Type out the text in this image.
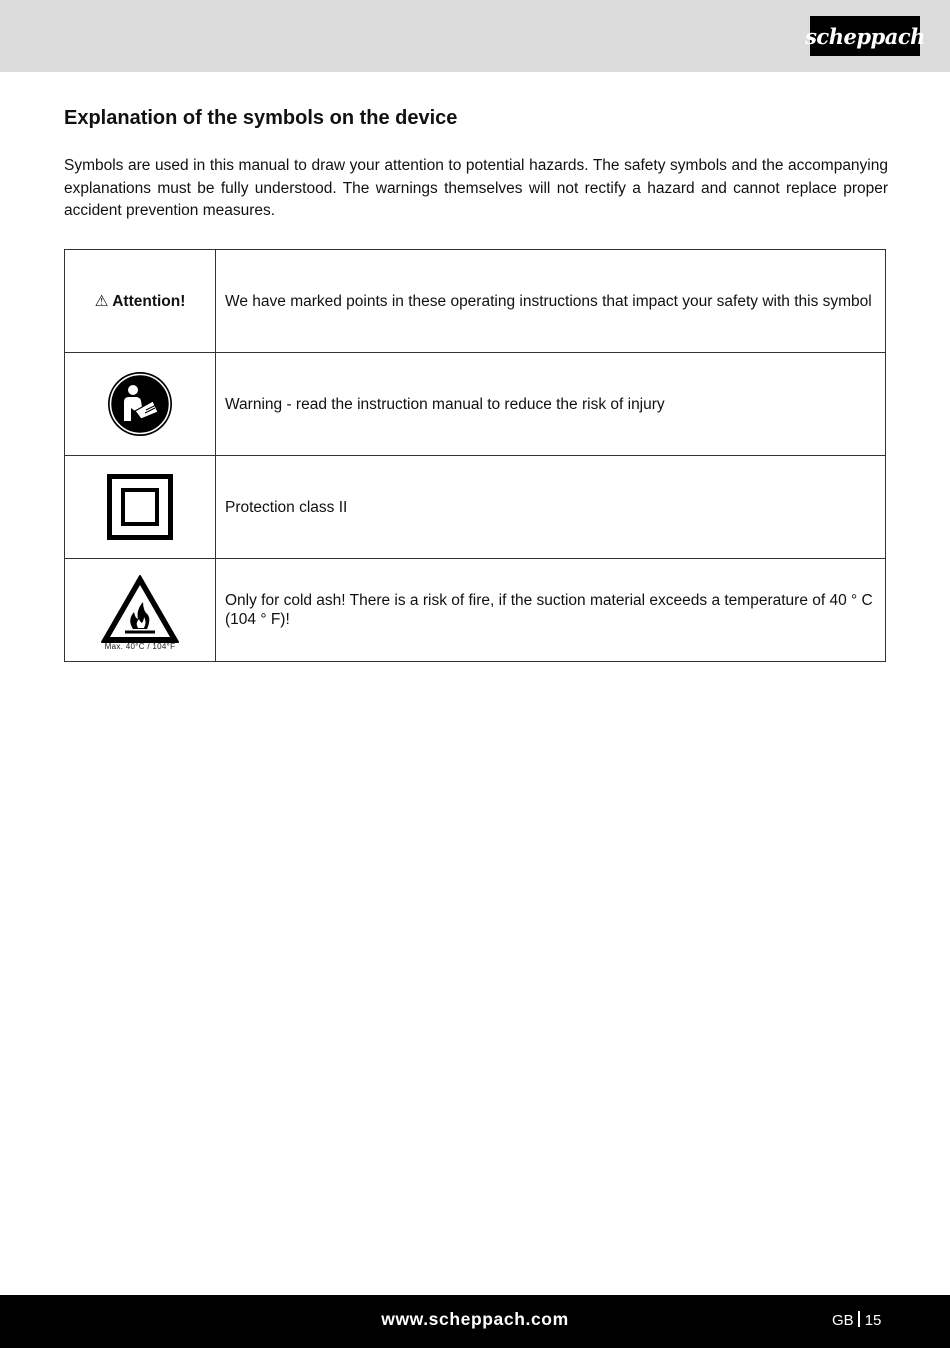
scheppach
Explanation of the symbols on the device
Symbols are used in this manual to draw your attention to potential hazards. The safety symbols and the accompanying explanations must be fully understood. The warnings themselves will not rectify a hazard and cannot replace proper accident prevention measures.
⚠ Attention!	We have marked points in these operating instructions that impact your safety with this symbol
	Warning - read the instruction manual to reduce the risk of injury
	Protection class II

Max. 40°C / 104°F	Only for cold ash! There is a risk of fire, if the suction material exceeds a temperature of 40 ° C (104 ° F)!
www.scheppach.com	GB 15
